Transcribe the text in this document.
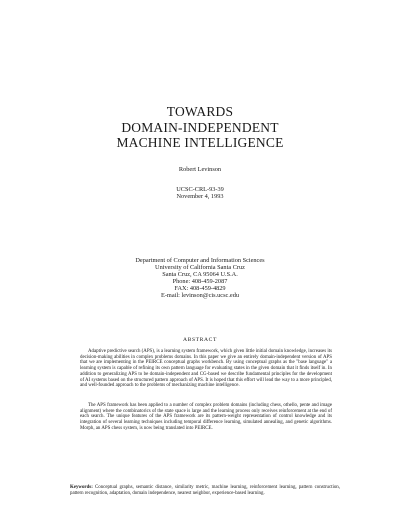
TOWARDS
DOMAIN-INDEPENDENT
MACHINE INTELLIGENCE
Robert Levinson
UCSC-CRL-93-39
November 4, 1993
Department of Computer and Information Sciences
University of California Santa Cruz
Santa Cruz, CA 95064 U.S.A.
Phone: 408-459-2087
FAX: 408-459-4829
E-mail: levinson@cis.ucsc.edu
ABSTRACT
Adaptive predictive search (APS), is a learning system framework, which given little initial domain knowledge, increases its decision-making abilities in complex problems domains. In this paper we give an entirely domain-independent version of APS that we are implementing in the PEIRCE conceptual graphs workbench. By using conceptual graphs as the "base language" a learning system is capable of refining its own pattern language for evaluating states in the given domain that it finds itself in. In addition to generalizing APS to be domain-independent and CG-based we describe fundamental principles for the development of AI systems based on the structured pattern approach of APS. It is hoped that this effort will lead the way to a more principled, and well-founded approach to the problems of mechanizing machine intelligence.
The APS framework has been applied to a number of complex problem domains (including chess, othello, pente and image alignment) where the combinatorics of the state space is large and the learning process only receives reinforcement at the end of each search. The unique features of the APS framework are its pattern-weight representation of control knowledge and its integration of several learning techniques including temporal difference learning, simulated annealing, and genetic algorithms. Morph, an APS chess system, is now being translated into PEIRCE.
Keywords: Conceptual graphs, semantic distance, similarity metric, machine learning, reinforcement learning, pattern construction, pattern recognition, adaptation, domain independence, nearest neighbor, experience-based learning.
